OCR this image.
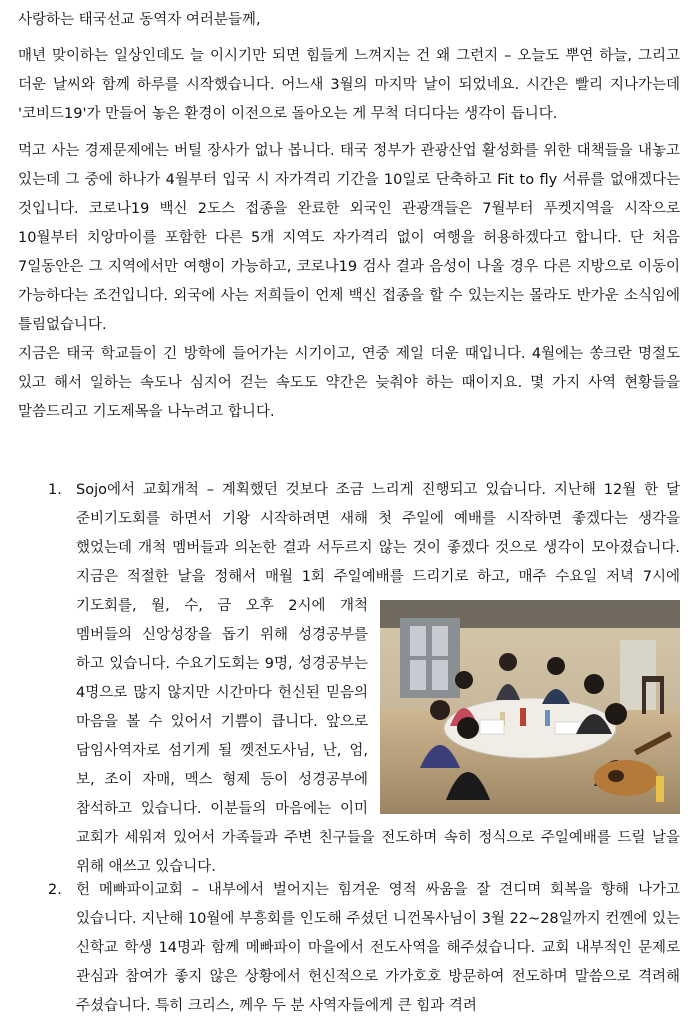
사랑하는 태국선교 동역자 여러분들께,

매년 맞이하는 일상인데도 늘 이시기만 되면 힘들게 느껴지는 건 왜 그런지 – 오늘도 뿌연 하늘, 그리고 더운 날씨와 함께 하루를 시작했습니다. 어느새 3월의 마지막 날이 되었네요. 시간은 빨리 지나가는데 '코비드19'가 만들어 놓은 환경이 이전으로 돌아오는 게 무척 더디다는 생각이 듭니다.

먹고 사는 경제문제에는 버틸 장사가 없나 봅니다. 태국 정부가 관광산업 활성화를 위한 대책들을 내놓고 있는데 그 중에 하나가 4월부터 입국 시 자가격리 기간을 10일로 단축하고 Fit to fly 서류를 없애겠다는 것입니다. 코로나19 백신 2도스 접종을 완료한 외국인 관광객들은 7월부터 푸켓지역을 시작으로 10월부터 치앙마이를 포함한 다른 5개 지역도 자가격리 없이 여행을 허용하겠다고 합니다. 단 처음 7일동안은 그 지역에서만 여행이 가능하고, 코로나19 검사 결과 음성이 나올 경우 다른 지방으로 이동이 가능하다는 조건입니다. 외국에 사는 저희들이 언제 백신 접종을 할 수 있는지는 몰라도 반가운 소식임에 틀림없습니다.

지금은 태국 학교들이 긴 방학에 들어가는 시기이고, 연중 제일 더운 때입니다. 4월에는 쏭크란 명절도 있고 해서 일하는 속도나 심지어 걷는 속도도 약간은 늦춰야 하는 때이지요. 몇 가지 사역 현황들을 말씀드리고 기도제목을 나누려고 합니다.

1. Sojo에서 교회개척 – 계획했던 것보다 조금 느리게 진행되고 있습니다. 지난해 12월 한 달 준비기도회를 하면서 기왕 시작하려면 새해 첫 주일에 예배를 시작하면 좋겠다는 생각을 했었는데 개척 멤버들과 의논한 결과 서두르지 않는 것이 좋겠다 것으로 생각이 모아졌습니다. 지금은 적절한 날을 정해서 매월 1회 주일예배를 드리기로 하고, 매주 수요
일 저녁 7시에 기도회를, 월, 수, 금 오후 2시에 개척 멤버들의 신앙성장을 돕기 위해 성경공부를 하고 있습니다. 수요기도회는 9명, 성경공부는 4명으로 많지 않지만 시간마다 헌신된 믿음의 마음을 볼 수 있어서 기쁨이 큽니다. 앞으로 담임사역자로 섬기게 될 껫전도사님, 난, 엄, 보, 조이 자매, 멕스 형제 등이 성경공부에 참석하고 있습니다. 이분들의 마음에는 이미 교회가 세워져 있어서 가족들과 주변 친구들을 전도하며 속히 정식으로 주일예배를 드릴 날을 위해 애쓰고 있습니다.
2. 헌 메빠파이교회 – 내부에서 벌어지는 힘겨운 영적 싸움을 잘 견디며 회복을 향해 나가고 있습니다. 지난해 10월에 부흥회를 인도해 주셨던 니껀목사님이 3월 22~28일까지 컨껜에 있는 신학교 학생 14명과 함께 메빠파이 마을에서 전도사역을 해주셨습니다. 교회 내부적인 문제로 관심과 참여가 좋지 않은 상황에서 헌신적으로 가가호호 방문하여 전도하며 말씀으로 격려해 주셨습니다. 특히 크리스, 께우 두 분 사역자들에게 큰 힘과 격려
